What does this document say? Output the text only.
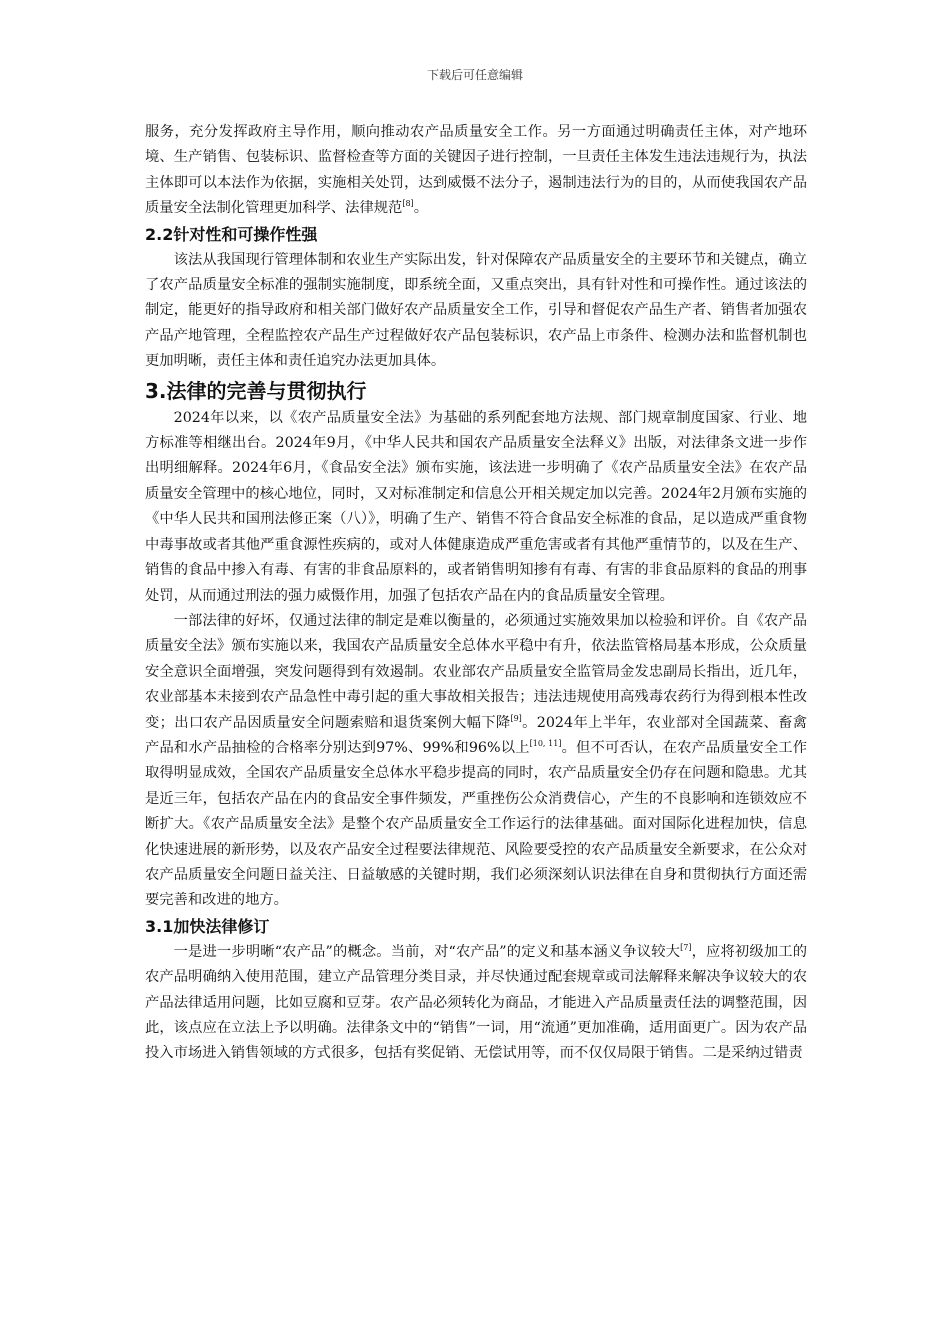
下载后可任意编辑

服务，充分发挥政府主导作用，顺向推动农产品质量安全工作。另一方面通过明确责任主体，对产地环境、生产销售、包装标识、监督检查等方面的关键因子进行控制，一旦责任主体发生违法违规行为，执法主体即可以本法作为依据，实施相关处罚，达到威慑不法分子，遏制违法行为的目的，从而使我国农产品质量安全法制化管理更加科学、法律规范[8]。

2.2针对性和可操作性强

该法从我国现行管理体制和农业生产实际出发，针对保障农产品质量安全的主要环节和关键点，确立了农产品质量安全标准的强制实施制度，即系统全面，又重点突出，具有针对性和可操作性。通过该法的制定，能更好的指导政府和相关部门做好农产品质量安全工作，引导和督促农产品生产者、销售者加强农产品产地管理，全程监控农产品生产过程做好农产品包装标识，农产品上市条件、检测办法和监督机制也更加明晰，责任主体和责任追究办法更加具体。

3.法律的完善与贯彻执行

2024年以来，以《农产品质量安全法》为基础的系列配套地方法规、部门规章制度国家、行业、地方标准等相继出台。2024年9月，《中华人民共和国农产品质量安全法释义》出版，对法律条文进一步作出明细解释。2024年6月，《食品安全法》颁布实施，该法进一步明确了《农产品质量安全法》在农产品质量安全管理中的核心地位，同时，又对标准制定和信息公开相关规定加以完善。2024年2月颁布实施的《中华人民共和国刑法修正案（八）》，明确了生产、销售不符合食品安全标准的食品，足以造成严重食物中毒事故或者其他严重食源性疾病的，或对人体健康造成严重危害或者有其他严重情节的，以及在生产、销售的食品中掺入有毒、有害的非食品原料的，或者销售明知掺有有毒、有害的非食品原料的食品的刑事处罚，从而通过刑法的强力威慑作用，加强了包括农产品在内的食品质量安全管理。

一部法律的好坏，仅通过法律的制定是难以衡量的，必须通过实施效果加以检验和评价。自《农产品质量安全法》颁布实施以来，我国农产品质量安全总体水平稳中有升，依法监管格局基本形成，公众质量安全意识全面增强，突发问题得到有效遏制。农业部农产品质量安全监管局金发忠副局长指出，近几年，农业部基本未接到农产品急性中毒引起的重大事故相关报告；违法违规使用高残毒农药行为得到根本性改变；出口农产品因质量安全问题索赔和退货案例大幅下降[9]。2024年上半年，农业部对全国蔬菜、畜禽产品和水产品抽检的合格率分别达到97%、99%和96%以上[10, 11]。但不可否认，在农产品质量安全工作取得明显成效，全国农产品质量安全总体水平稳步提高的同时，农产品质量安全仍存在问题和隐患。尤其是近三年，包括农产品在内的食品安全事件频发，严重挫伤公众消费信心，产生的不良影响和连锁效应不断扩大。《农产品质量安全法》是整个农产品质量安全工作运行的法律基础。面对国际化进程加快，信息化快速进展的新形势，以及农产品安全过程要法律规范、风险要受控的农产品质量安全新要求，在公众对农产品质量安全问题日益关注、日益敏感的关键时期，我们必须深刻认识法律在自身和贯彻执行方面还需要完善和改进的地方。

3.1加快法律修订

一是进一步明晰“农产品”的概念。当前，对“农产品”的定义和基本涵义争议较大[7]，应将初级加工的农产品明确纳入使用范围，建立产品管理分类目录，并尽快通过配套规章或司法解释来解决争议较大的农产品法律适用问题，比如豆腐和豆芽。农产品必须转化为商品，才能进入产品质量责任法的调整范围，因此，该点应在立法上予以明确。法律条文中的“销售”一词，用“流通”更加准确，适用面更广。因为农产品投入市场进入销售领域的方式很多，包括有奖促销、无偿试用等，而不仅仅局限于销售。二是采纳过错责
